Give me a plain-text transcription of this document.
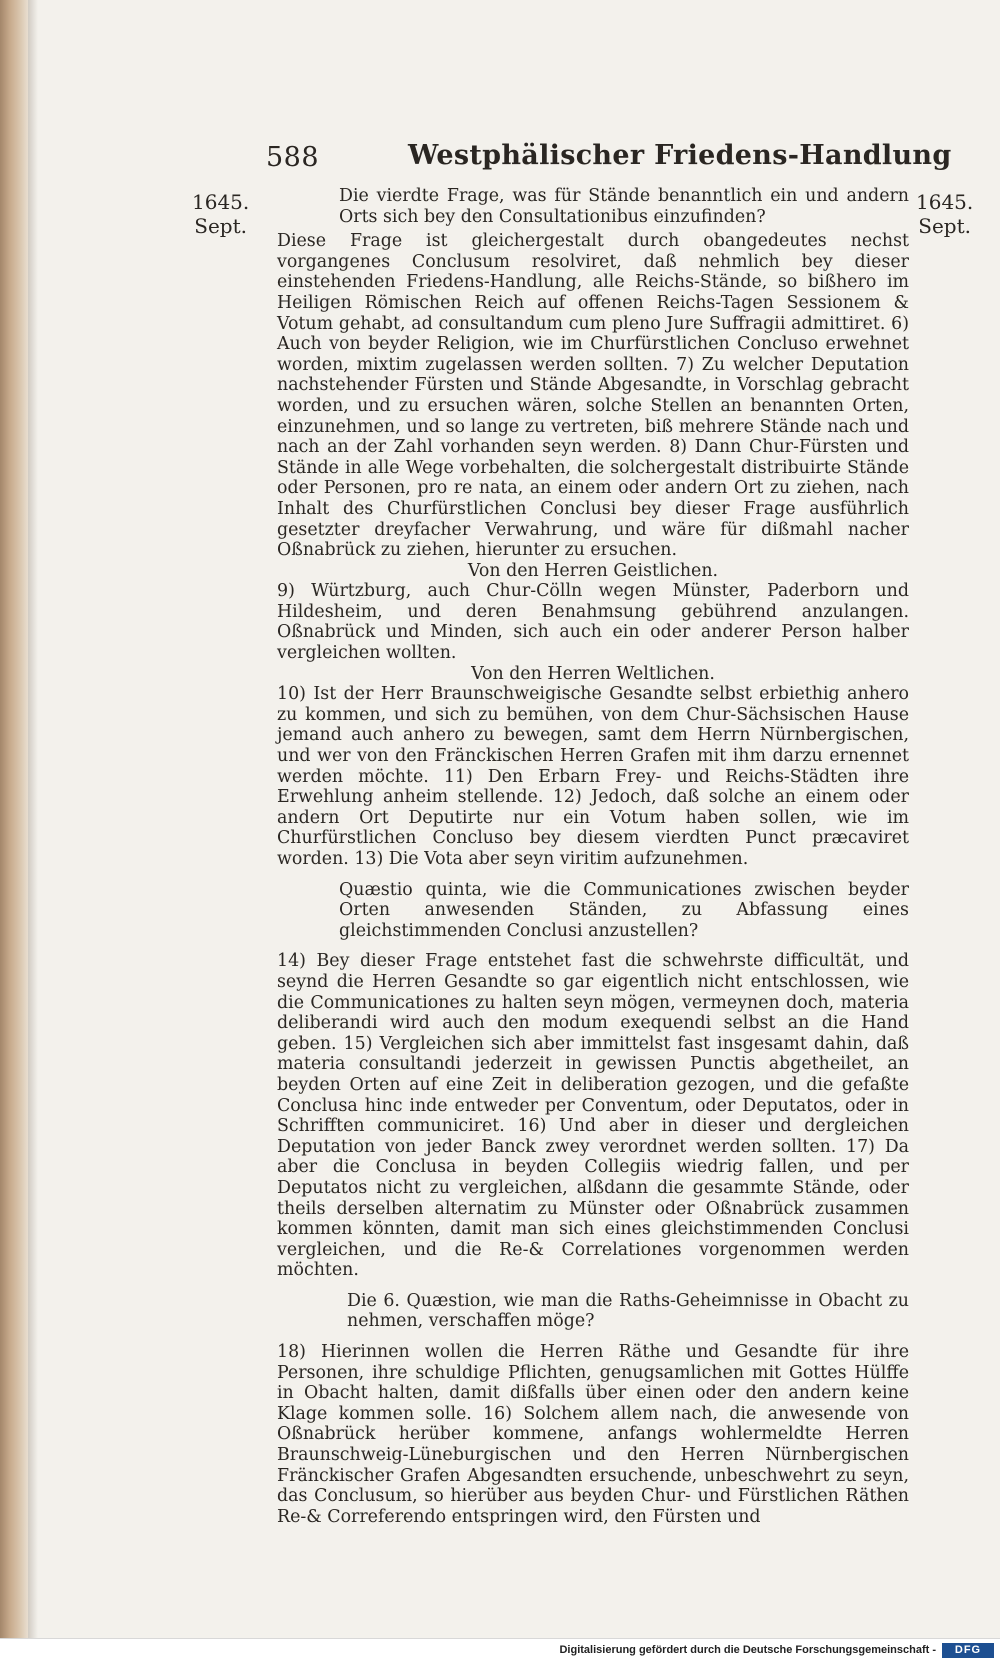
588	Westphälischer Friedens-Handlung
1645.
Sept.
1645.
Sept.

Die vierdte Frage, was für Stände benanntlich ein und andern Orts sich bey den Consultationibus einzufinden?

Diese Frage ist gleichergestalt durch obangedeutes nechst vorgangenes Conclusum resolviret, daß nehmlich bey dieser einstehenden Friedens-Handlung, alle Reichs-Stände, so bißhero im Heiligen Römischen Reich auf offenen Reichs-Tagen Sessionem & Votum gehabt, ad consultandum cum pleno Jure Suffragii admittiret. 6) Auch von beyder Religion, wie im Churfürstlichen Concluso erwehnet worden, mixtim zugelassen werden sollten. 7) Zu welcher Deputation nachstehender Fürsten und Stände Abgesandte, in Vorschlag gebracht worden, und zu ersuchen wären, solche Stellen an benannten Orten, einzunehmen, und so lange zu vertreten, biß mehrere Stände nach und nach an der Zahl vorhanden seyn werden. 8) Dann Chur-Fürsten und Stände in alle Wege vorbehalten, die solchergestalt distribuirte Stände oder Personen, pro re nata, an einem oder andern Ort zu ziehen, nach Inhalt des Churfürstlichen Conclusi bey dieser Frage ausführlich gesetzter dreyfacher Verwahrung, und wäre für dißmahl nacher Oßnabrück zu ziehen, hierunter zu ersuchen.

Von den Herren Geistlichen.

9) Würtzburg, auch Chur-Cölln wegen Münster, Paderborn und Hildesheim, und deren Benahmsung gebührend anzulangen. Oßnabrück und Minden, sich auch ein oder anderer Person halber vergleichen wollten.

Von den Herren Weltlichen.

10) Ist der Herr Braunschweigische Gesandte selbst erbiethig anhero zu kommen, und sich zu bemühen, von dem Chur-Sächsischen Hause jemand auch anhero zu bewegen, samt dem Herrn Nürnbergischen, und wer von den Fränckischen Herren Grafen mit ihm darzu ernennet werden möchte. 11) Den Erbarn Frey- und Reichs-Städten ihre Erwehlung anheim stellende. 12) Jedoch, daß solche an einem oder andern Ort Deputirte nur ein Votum haben sollen, wie im Churfürstlichen Concluso bey diesem vierdten Punct præcaviret worden. 13) Die Vota aber seyn viritim aufzunehmen.

Quæstio quinta, wie die Communicationes zwischen beyder Orten anwesenden Ständen, zu Abfassung eines gleichstimmenden Conclusi anzustellen?

14) Bey dieser Frage entstehet fast die schwehrste difficultät, und seynd die Herren Gesandte so gar eigentlich nicht entschlossen, wie die Communicationes zu halten seyn mögen, vermeynen doch, materia deliberandi wird auch den modum exequendi selbst an die Hand geben. 15) Vergleichen sich aber immittelst fast insgesamt dahin, daß materia consultandi jederzeit in gewissen Punctis abgetheilet, an beyden Orten auf eine Zeit in deliberation gezogen, und die gefaßte Conclusa hinc inde entweder per Conventum, oder Deputatos, oder in Schrifften communiciret. 16) Und aber in dieser und dergleichen Deputation von jeder Banck zwey verordnet werden sollten. 17) Da aber die Conclusa in beyden Collegiis wiedrig fallen, und per Deputatos nicht zu vergleichen, alßdann die gesammte Stände, oder theils derselben alternatim zu Münster oder Oßnabrück zusammen kommen könnten, damit man sich eines gleichstimmenden Conclusi vergleichen, und die Re-& Correlationes vorgenommen werden möchten.

Die 6. Quæstion, wie man die Raths-Geheimnisse in Obacht zu nehmen, verschaffen möge?

18) Hierinnen wollen die Herren Räthe und Gesandte für ihre Personen, ihre schuldige Pflichten, genugsamlichen mit Gottes Hülffe in Obacht halten, damit dißfalls über einen oder den andern keine Klage kommen solle. 16) Solchem allem nach, die anwesende von Oßnabrück herüber kommene, anfangs wohlermeldte Herren Braunschweig-Lüneburgischen und den Herren Nürnbergischen Fränckischer Grafen Abgesandten ersuchende, unbeschwehrt zu seyn, das Conclusum, so hierüber aus beyden Chur- und Fürstlichen Räthen Re-& Correferendo entspringen wird, den Fürsten und

Digitalisierung gefördert durch die Deutsche Forschungsgemeinschaft -	DFG
